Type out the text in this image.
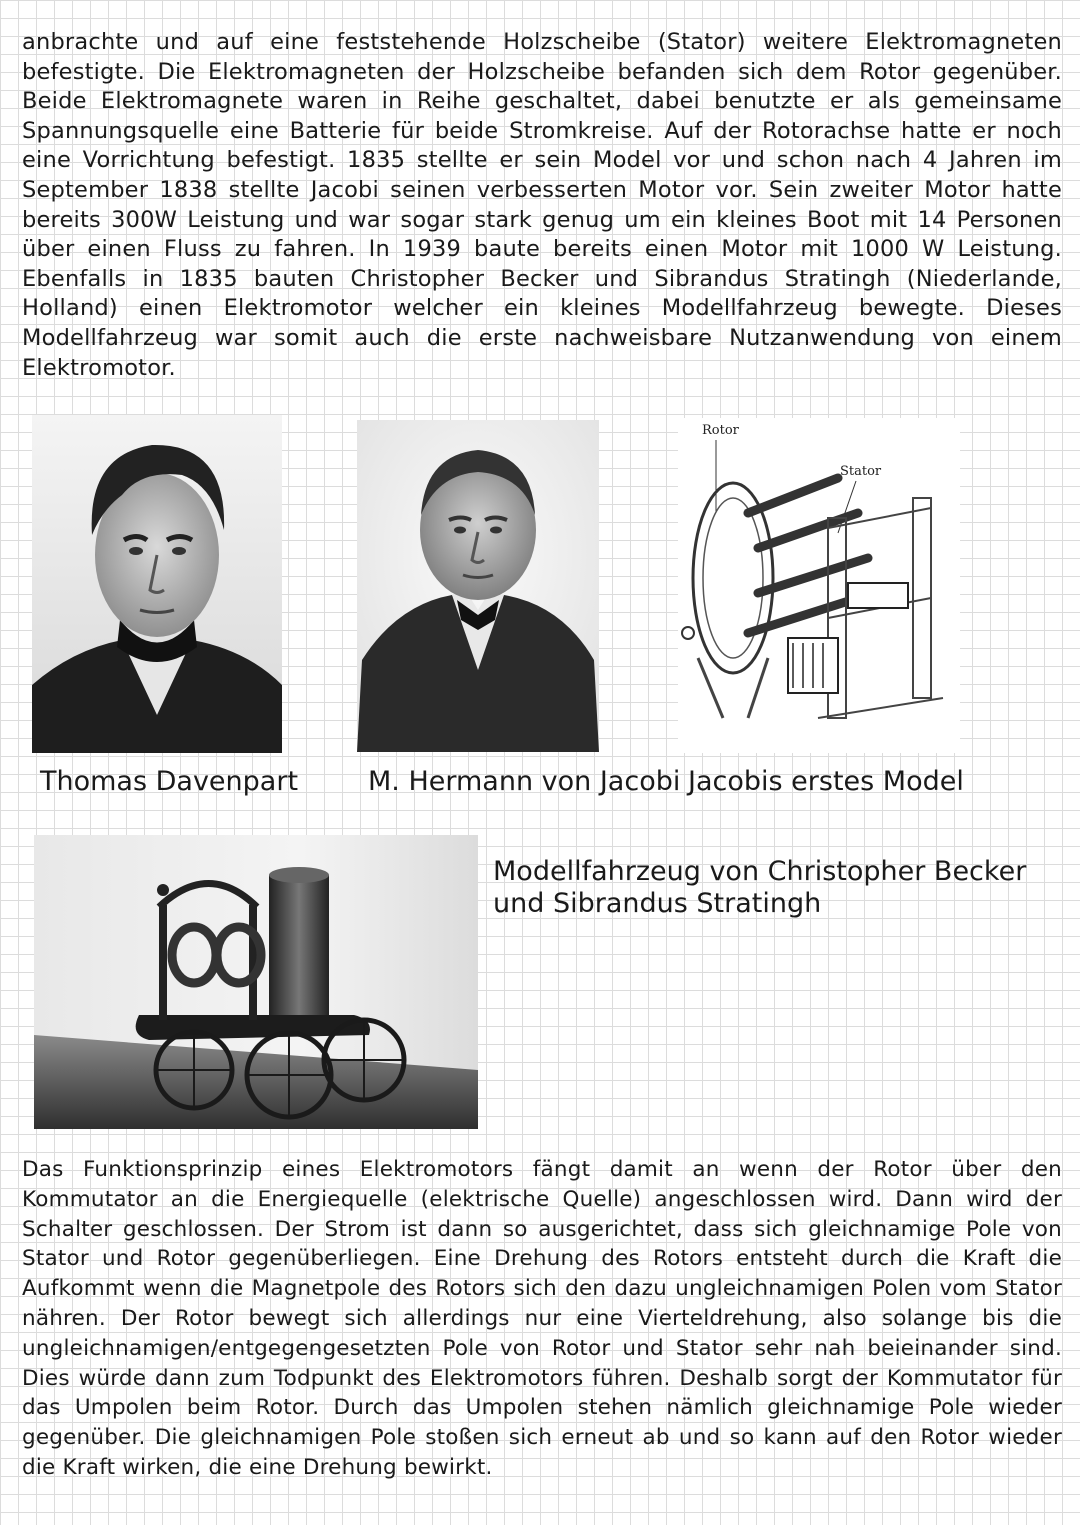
anbrachte und auf eine feststehende Holzscheibe (Stator) weitere Elektromagneten befestigte. Die Elektromagneten der Holzscheibe befanden sich dem Rotor gegenüber. Beide Elektromagnete waren in Reihe geschaltet, dabei benutzte er als gemeinsame Spannungsquelle eine Batterie für beide Stromkreise. Auf der Rotorachse hatte er noch eine Vorrichtung befestigt. 1835 stellte er sein Model vor und schon nach 4 Jahren im September 1838 stellte Jacobi seinen verbesserten Motor vor. Sein zweiter Motor hatte bereits 300W Leistung und war sogar stark genug um ein kleines Boot mit 14 Personen über einen Fluss zu fahren. In 1939 baute bereits einen Motor mit 1000 W Leistung. Ebenfalls in 1835 bauten Christopher Becker und Sibrandus Stratingh (Niederlande, Holland) einen Elektromotor welcher ein kleines Modellfahrzeug bewegte. Dieses Modellfahrzeug war somit auch die erste nachweisbare Nutzanwendung von einem Elektromotor.

Rotor
Stator

Thomas Davenpart	M. Hermann von Jacobi Jacobis erstes Model

Modellfahrzeug von Christopher Becker und Sibrandus Stratingh

Das Funktionsprinzip eines Elektromotors fängt damit an wenn der Rotor über den Kommutator an die Energiequelle (elektrische Quelle) angeschlossen wird. Dann wird der Schalter geschlossen. Der Strom ist dann so ausgerichtet, dass sich gleichnamige Pole von Stator und Rotor gegenüberliegen. Eine Drehung des Rotors entsteht durch die Kraft die Aufkommt wenn die Magnetpole des Rotors sich den dazu ungleichnamigen Polen vom Stator nähren. Der Rotor bewegt sich allerdings nur eine Vierteldrehung, also solange bis die ungleichnamigen/entgegengesetzten Pole von Rotor und Stator sehr nah beieinander sind. Dies würde dann zum Todpunkt des Elektromotors führen. Deshalb sorgt der Kommutator für das Umpolen beim Rotor. Durch das Umpolen stehen nämlich gleichnamige Pole wieder gegenüber. Die gleichnamigen Pole stoßen sich erneut ab und so kann auf den Rotor wieder die Kraft wirken, die eine Drehung bewirkt.
